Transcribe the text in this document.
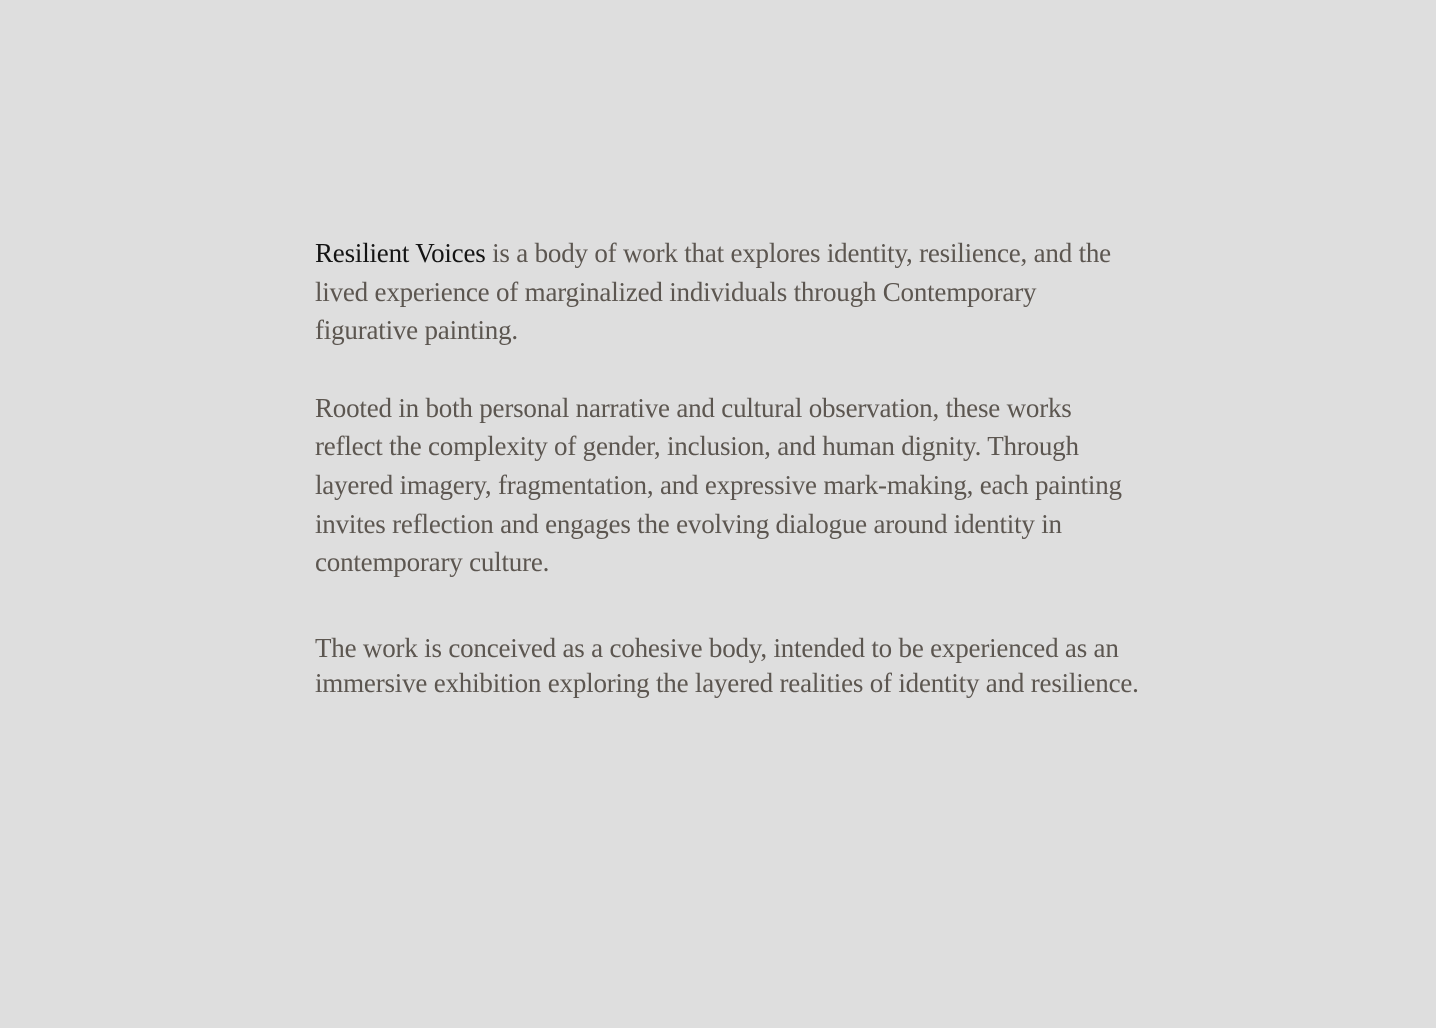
Resilient Voices is a body of work that explores identity, resilience, and the lived experience of marginalized individuals through Contemporary figurative painting.

Rooted in both personal narrative and cultural observation, these works reflect the complexity of gender, inclusion, and human dignity. Through layered imagery, fragmentation, and expressive mark-making, each painting invites reflection and engages the evolving dialogue around identity in contemporary culture.

The work is conceived as a cohesive body, intended to be experienced as an immersive exhibition exploring the layered realities of identity and resilience.
